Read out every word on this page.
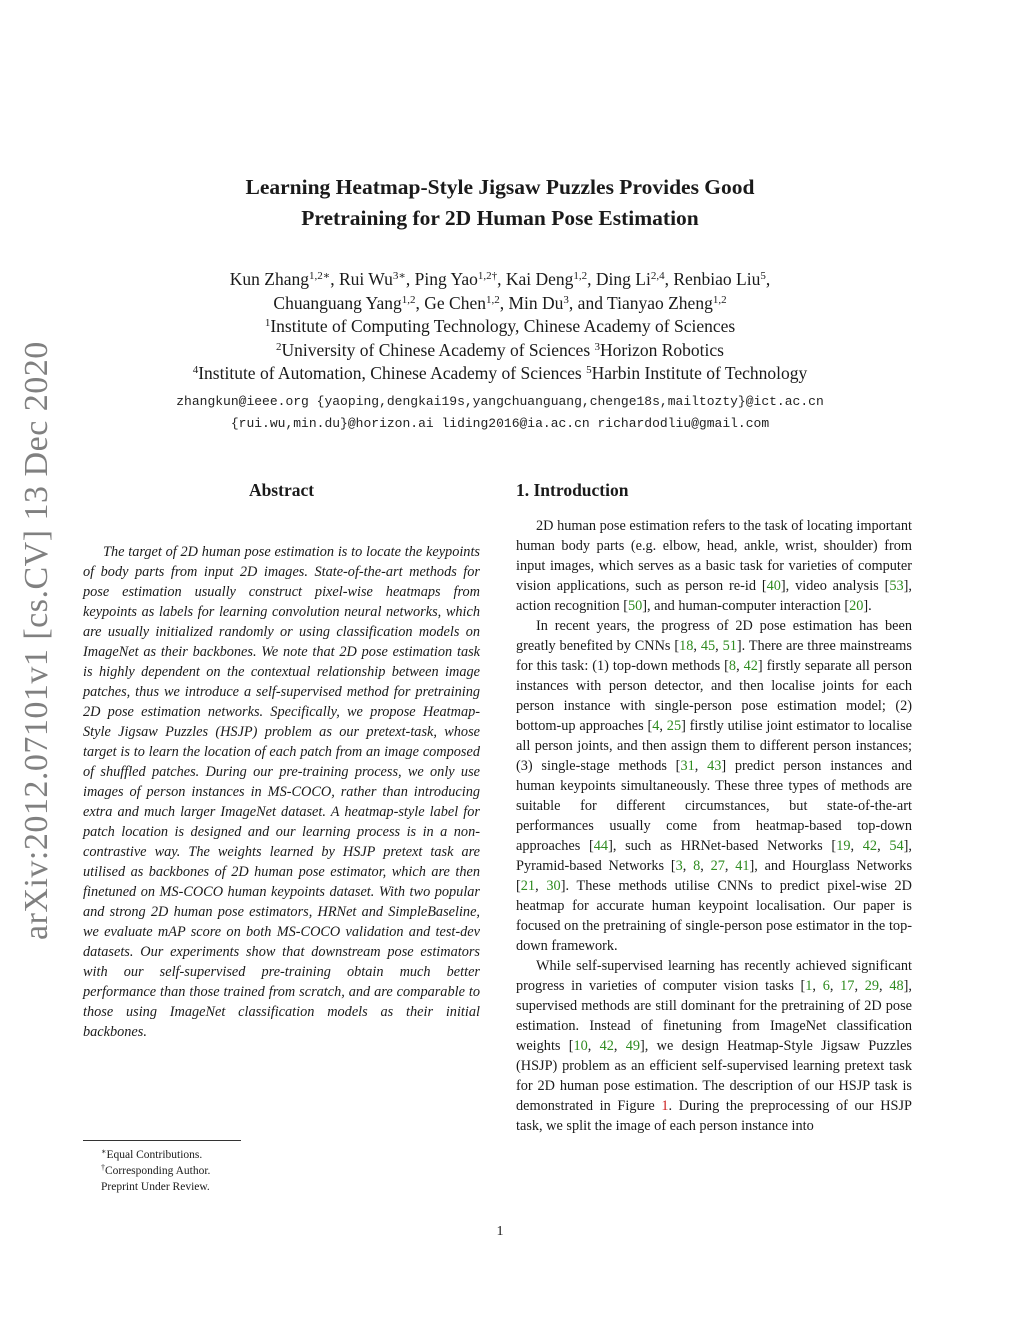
arXiv:2012.07101v1 [cs.CV] 13 Dec 2020
Learning Heatmap-Style Jigsaw Puzzles Provides Good
Pretraining for 2D Human Pose Estimation
Kun Zhang$^{1,2∗}$, Rui $Wu^{3∗}$, Ping Yao$^{1,2\dagger}$, Kai Deng$^{1,2}$, Ding Li$^{2,4}$, Renbiao Liu$^5$,
Chuanguang Yang$^{1,2}$, Ge Chen$^{1,2}$, Min Du$^3$, and Tianyao Zheng$^{1,2}$
$^1$Institute of Computing Technology, Chinese Academy of Sciences
$^2$University of Chinese Academy of Sciences $^3$Horizon Robotics
$^4$Institute of Automation, Chinese Academy of Sciences $^5$Harbin Institute of Technology
zhangkun@ieee.org {yaoping,dengkai19s,yangchuanguang,chenge18s,mailtozty}@ict.ac.cn
{rui.wu,min.du}@horizon.ai liding2016@ia.ac.cn richardodliu@gmail.com
Abstract

The target of 2D human pose estimation is to locate the keypoints of body parts from input 2D images. State-of-the-art methods for pose estimation usually construct pixel-wise heatmaps from keypoints as labels for learning convolution neural networks, which are usually initialized randomly or using classification models on ImageNet as their backbones. We note that 2D pose estimation task is highly dependent on the contextual relationship between image patches, thus we introduce a self-supervised method for pretraining 2D pose estimation networks. Specifically, we propose Heatmap-Style Jigsaw Puzzles (HSJP) problem as our pretext-task, whose target is to learn the location of each patch from an image composed of shuffled patches. During our pre-training process, we only use images of person instances in MS-COCO, rather than introducing extra and much larger ImageNet dataset. A heatmap-style label for patch location is designed and our learning process is in a non-contrastive way. The weights learned by HSJP pretext task are utilised as backbones of 2D human pose estimator, which are then finetuned on MS-COCO human keypoints dataset. With two popular and strong 2D human pose estimators, HRNet and SimpleBaseline, we evaluate mAP score on both MS-COCO validation and test-dev datasets. Our experiments show that downstream pose estimators with our self-supervised pre-training obtain much better performance than those trained from scratch, and are comparable to those using ImageNet classification models as their initial backbones.

1. Introduction

2D human pose estimation refers to the task of locating important human body parts (e.g. elbow, head, ankle, wrist, shoulder) from input images, which serves as a basic task for varieties of computer vision applications, such as person re-id [40], video analysis [53], action recognition [50], and human-computer interaction [20].

In recent years, the progress of 2D pose estimation has been greatly benefited by CNNs [18, 45, 51]. There are three mainstreams for this task: (1) top-down methods [8, 42] firstly separate all person instances with person detector, and then localise joints for each person instance with single-person pose estimation model; (2) bottom-up approaches [4, 25] firstly utilise joint estimator to localise all person joints, and then assign them to different person instances; (3) single-stage methods [31, 43] predict person instances and human keypoints simultaneously. These three types of methods are suitable for different circumstances, but state-of-the-art performances usually come from heatmap-based top-down approaches [44], such as HRNet-based Networks [19, 42, 54], Pyramid-based Networks [3, 8, 27, 41], and Hourglass Networks [21, 30]. These methods utilise CNNs to predict pixel-wise 2D heatmap for accurate human keypoint localisation. Our paper is focused on the pretraining of single-person pose estimator in the top-down framework.

While self-supervised learning has recently achieved significant progress in varieties of computer vision tasks [1, 6, 17, 29, 48], supervised methods are still dominant for the pretraining of 2D pose estimation. Instead of finetuning from ImageNet classification weights [10, 42, 49], we design Heatmap-Style Jigsaw Puzzles (HSJP) problem as an efficient self-supervised learning pretext task for 2D human pose estimation. The description of our HSJP task is demonstrated in Figure 1. During the preprocessing of our HSJP task, we split the image of each person instance into

∗Equal Contributions.
†Corresponding Author.
Preprint Under Review.
1
